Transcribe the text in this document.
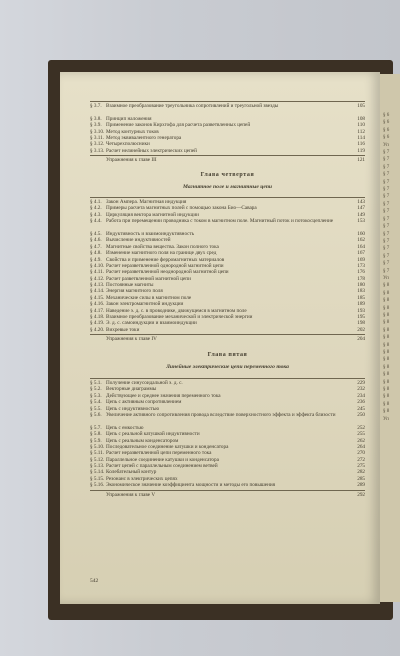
§ 3.7. Взаимное преобразование треугольника сопротивлений и треугольной звезды	105
§ 3.8. Принцип наложения	108
§ 3.9. Применение законов Кирхгофа для расчета разветвленных цепей	110
§ 3.10. Метод контурных токов	112
§ 3.11. Метод эквивалентного генератора	114
§ 3.12. Четырехполюсники	116
§ 3.13. Расчет нелинейных электрических цепей	119
Упражнения к главе III	121
Глава четвертая
Магнитное поле и магнитные цепи
§ 4.1. Закон Ампера. Магнитная индукция	143
§ 4.2. Примеры расчета магнитных полей с помощью закона Био—Савара	147
§ 4.3. Циркуляция вектора магнитной индукции	149
§ 4.4. Работа при перемещении проводника с током в магнитном поле. Магнитный поток и потокосцепление	153
§ 4.5. Индуктивность и взаимоиндуктивность	160
§ 4.6. Вычисление индуктивностей	162
§ 4.7. Магнитные свойства вещества. Закон полного тока	164
§ 4.8. Изменение магнитного поля на границе двух сред	167
§ 4.9. Свойства и применение ферромагнитных материалов	169
§ 4.10. Расчет неразветвленной однородной магнитной цепи	173
§ 4.11. Расчет неразветвленной неоднородной магнитной цепи	176
§ 4.12. Расчет разветвленной магнитной цепи	178
§ 4.13. Постоянные магниты	180
§ 4.14. Энергия магнитного поля	183
§ 4.15. Механические силы в магнитном поле	185
§ 4.16. Закон электромагнитной индукции	189
§ 4.17. Наведение э. д. с. в проводнике, движущемся в магнитном поле	193
§ 4.18. Взаимное преобразование механической и электрической энергии	195
§ 4.19. Э. д. с. самоиндукции и взаимоиндукции	198
§ 4.20. Вихревые токи	202
Упражнения к главе IV	204
Глава пятая
Линейные электрические цепи переменного тока
§ 5.1. Получение синусоидальной э. д. с.	229
§ 5.2. Векторные диаграммы	232
§ 5.3. Действующее и среднее значения переменного тока	234
§ 5.4. Цепь с активным сопротивлением	236
§ 5.5. Цепь с индуктивностью	245
§ 5.6. Увеличение активного сопротивления провода вследствие поверхностного эффекта и эффекта близости	250
§ 5.7. Цепь с емкостью	252
§ 5.8. Цепь с реальной катушкой индуктивности	255
§ 5.9. Цепь с реальным конденсатором	262
§ 5.10. Последовательное соединение катушки и конденсатора	264
§ 5.11. Расчет неразветвленной цепи переменного тока	270
§ 5.12. Параллельное соединение катушки и конденсатора	272
§ 5.13. Расчет цепей с параллельным соединением ветвей	275
§ 5.14. Колебательный контур	282
§ 5.15. Резонанс в электрических цепях	285
§ 5.16. Экономическое значение коэффициента мощности и методы его повышения	289
Упражнения к главе V	292
542
§ 6
§ 6
§ 6
§ 6
Уп
§ 7
§ 7
§ 7
§ 7
§ 7
§ 7
§ 7
§ 7
§ 7
§ 7
§ 7
§ 7
§ 7
§ 7
§ 7
§ 7
§ 7
Уп
§ 8
§ 8
§ 8
§ 8
§ 8
§ 8
§ 8
§ 8
§ 8
§ 8
§ 8
§ 8
§ 8
§ 8
§ 8
§ 8
§ 8
§ 8
Уп
